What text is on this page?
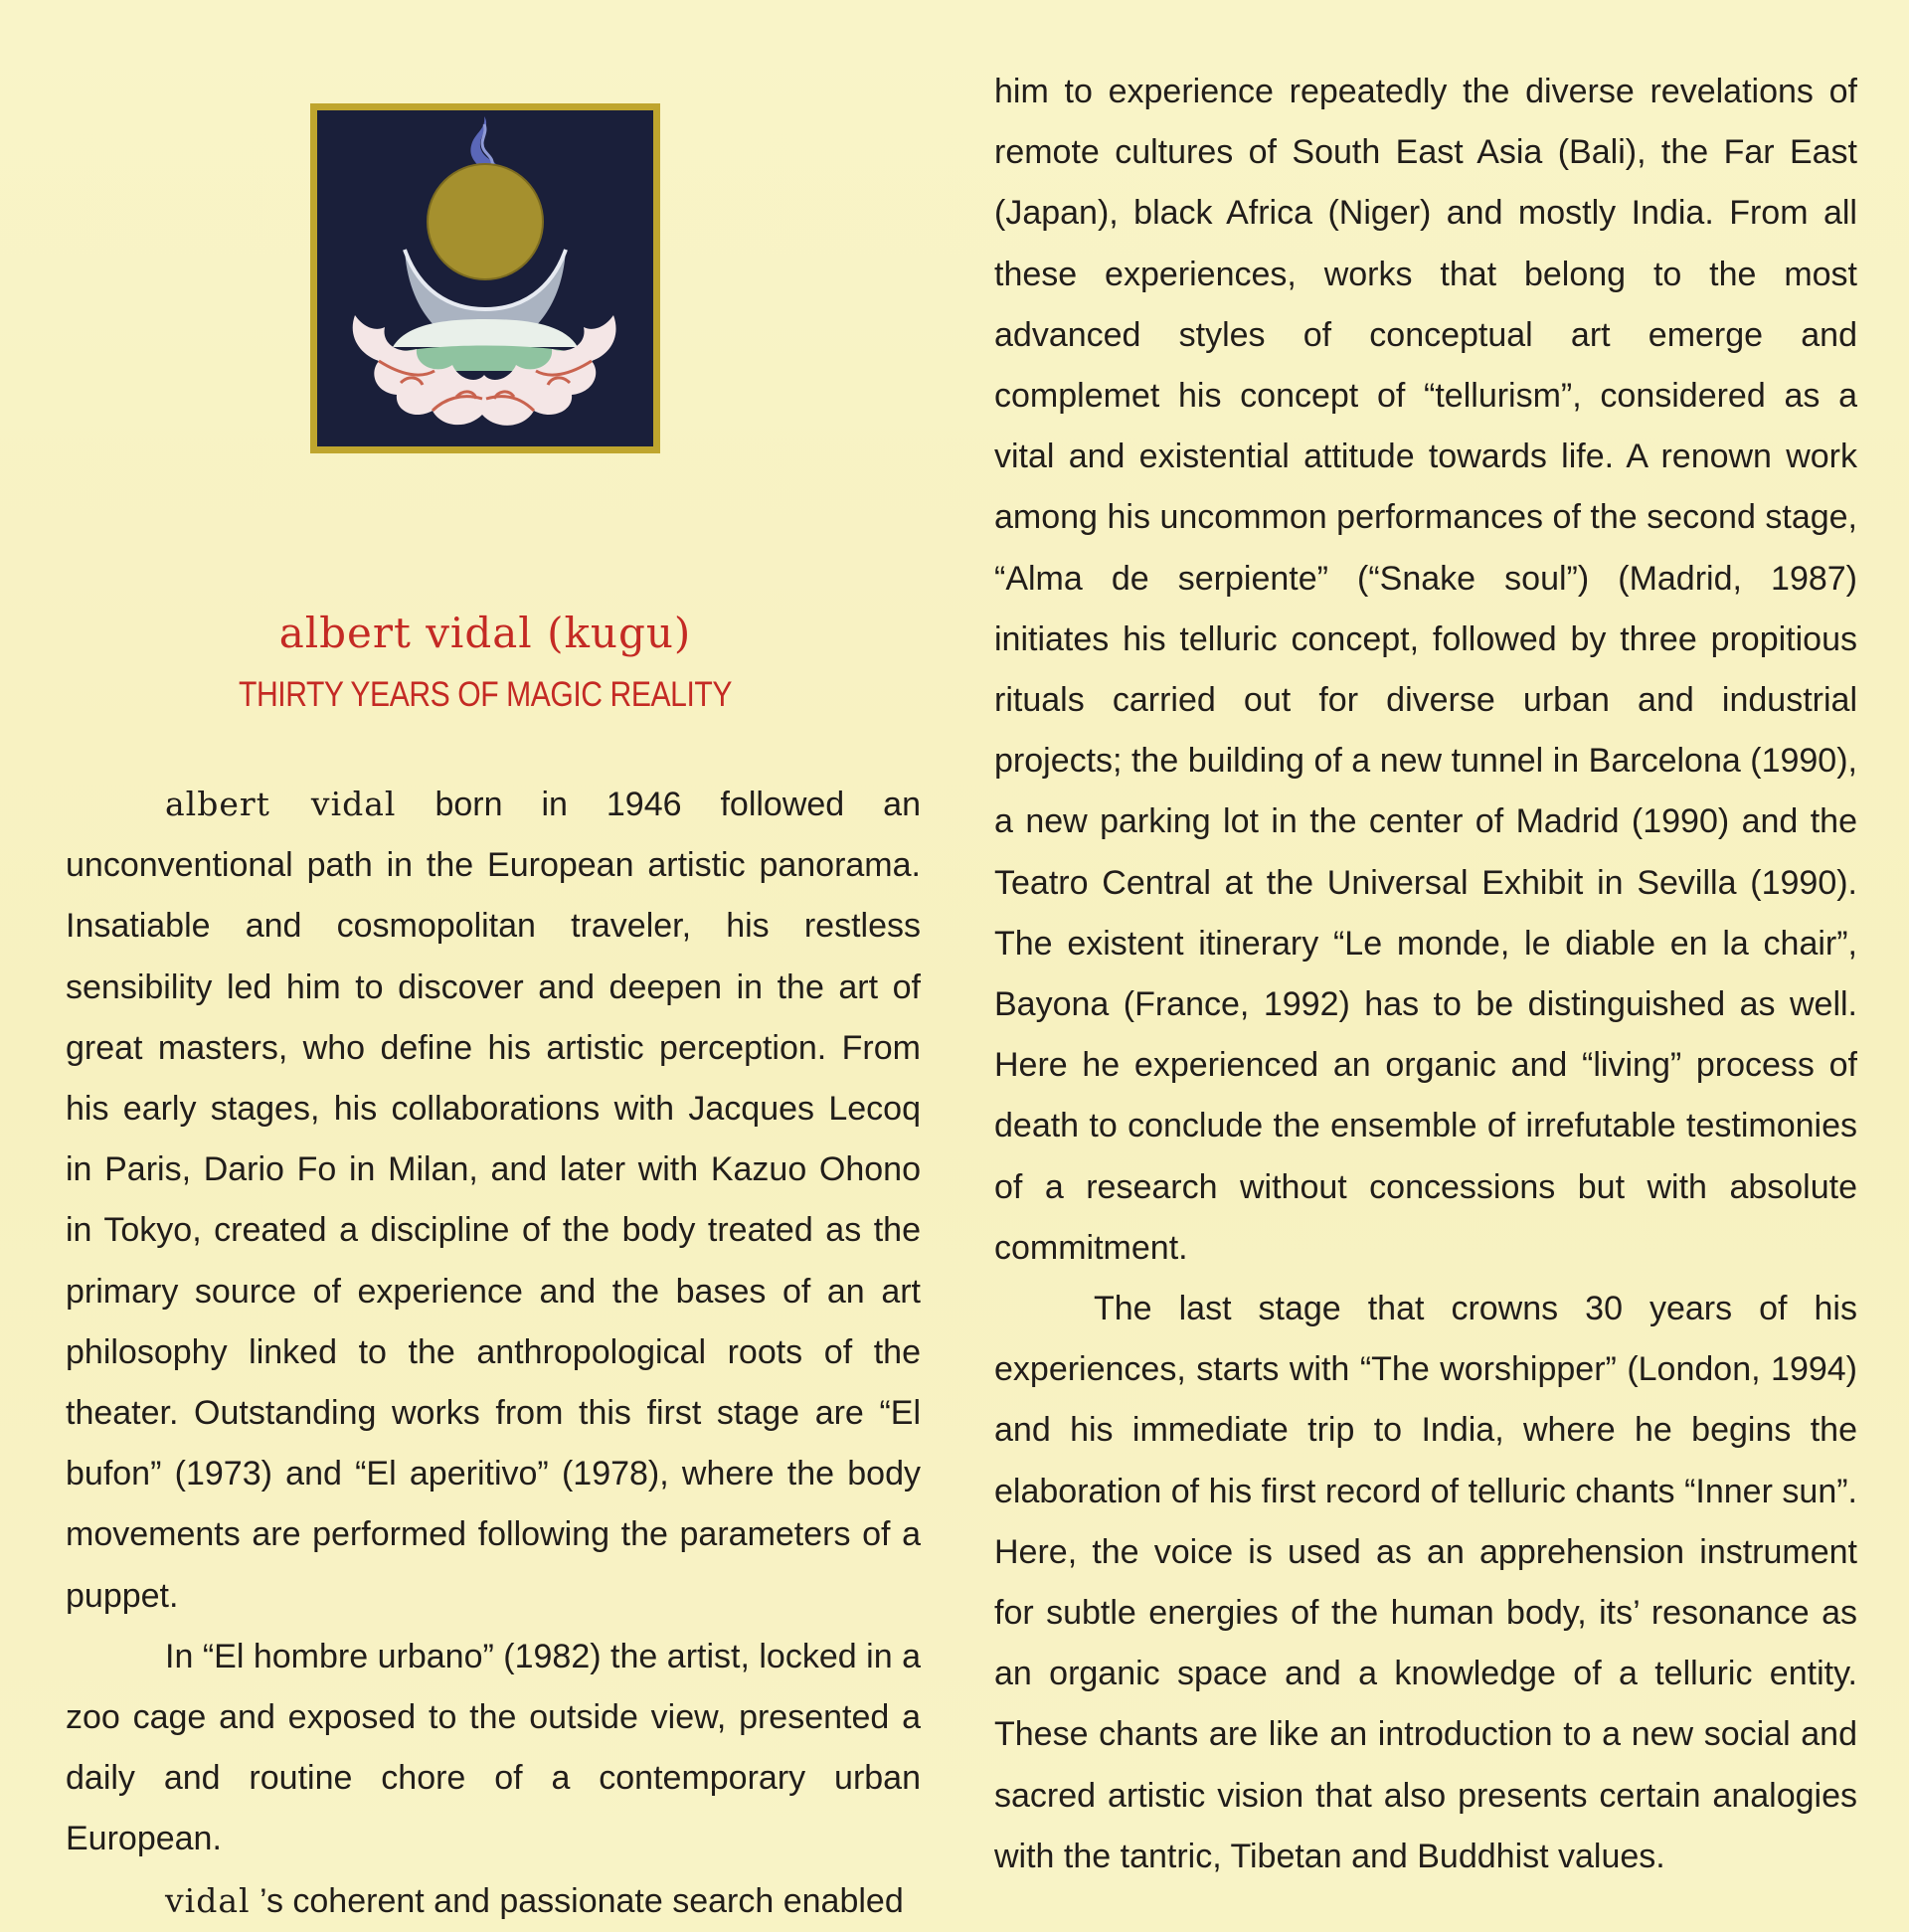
albert vidal (kugu)
THIRTY YEARS OF MAGIC REALITY

albert vidal born in 1946 followed an unconventional path in the European artistic panorama. Insatiable and cosmopolitan traveler, his restless sensibility led him to discover and deepen in the art of great masters, who define his artistic perception. From his early stages, his collaborations with Jacques Lecoq in Paris, Dario Fo in Milan, and later with Kazuo Ohono in Tokyo, created a discipline of the body treated as the primary source of experience and the bases of an art philosophy linked to the anthropological roots of the theater. Outstanding works from this first stage are “El bufon” (1973) and “El aperitivo” (1978), where the body movements are performed following the parameters of a puppet.

In “El hombre urbano” (1982) the artist, locked in a zoo cage and exposed to the outside view, presented a daily and routine chore of a contemporary urban European.

vidal ’s coherent and passionate search enabled

him to experience repeatedly the diverse revelations of remote cultures of South East Asia (Bali), the Far East (Japan), black Africa (Niger) and mostly India. From all these experiences, works that belong to the most advanced styles of conceptual art emerge and complemet his concept of “tellurism”, considered as a vital and existential attitude towards life. A renown work among his uncommon performances of the second stage, “Alma de serpiente” (“Snake soul”) (Madrid, 1987) initiates his telluric concept, followed by three propitious rituals carried out for diverse urban and industrial projects; the building of a new tunnel in Barcelona (1990), a new parking lot in the center of Madrid (1990) and the Teatro Central at the Universal Exhibit in Sevilla (1990). The existent itinerary “Le monde, le diable en la chair”, Bayona (France, 1992) has to be distinguished as well. Here he experienced an organic and “living” process of death to conclude the ensemble of irrefutable testimonies of a research without concessions but with absolute commitment.

The last stage that crowns 30 years of his experiences, starts with “The worshipper” (London, 1994) and his immediate trip to India, where he begins the elaboration of his first record of telluric chants “Inner sun”. Here, the voice is used as an apprehension instrument for subtle energies of the human body, its’ resonance as an organic space and a knowledge of a telluric entity. These chants are like an introduction to a new social and sacred artistic vision that also presents certain analogies with the tantric, Tibetan and Buddhist values.
